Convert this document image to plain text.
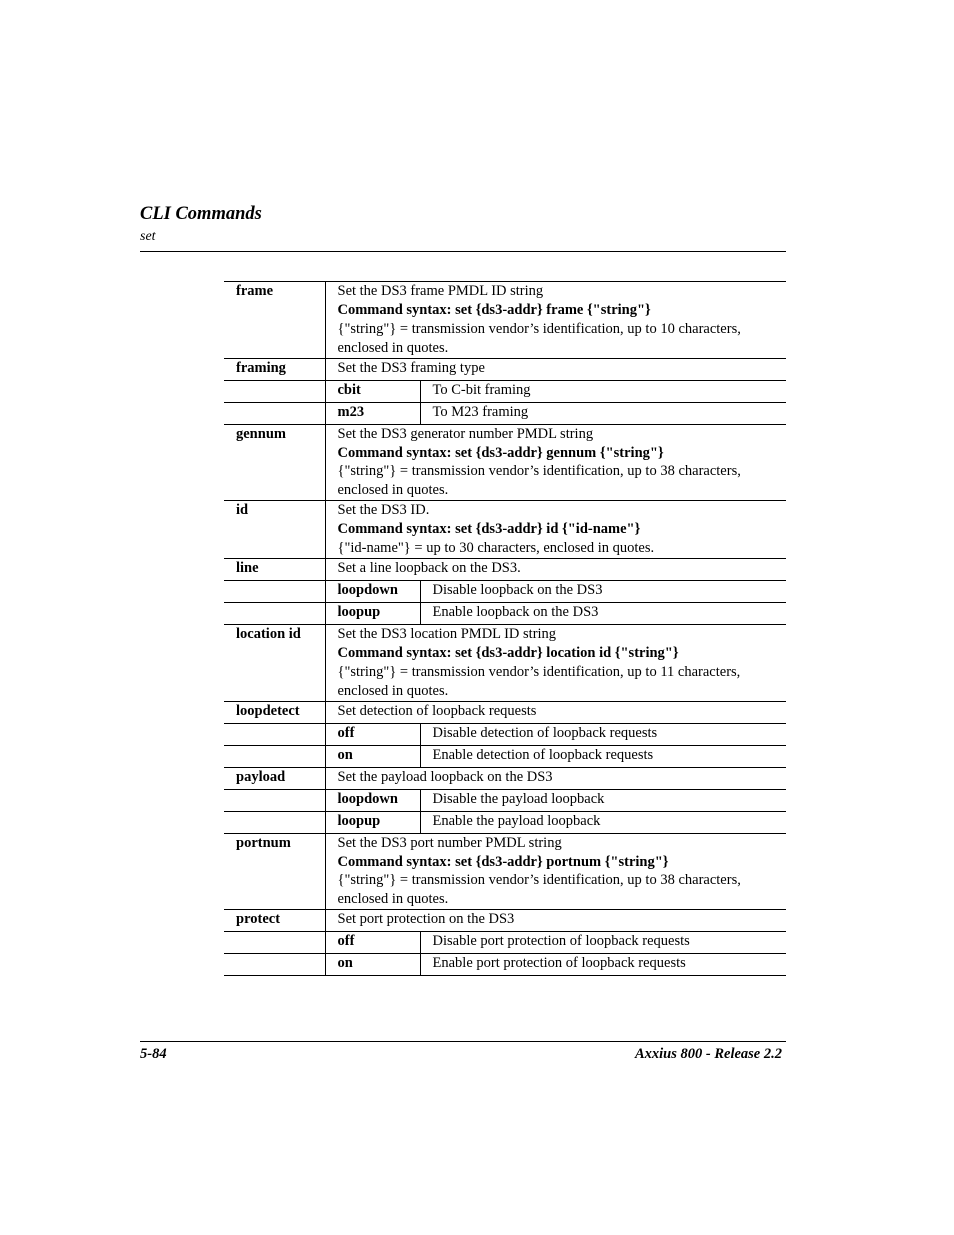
CLI Commands
set
frame	Set the DS3 frame PMDL ID string
Command syntax: set {ds3-addr} frame {"string"}
{"string"} = transmission vendor’s identification, up to 10 characters, enclosed in quotes.	

framing	Set the DS3 framing type	
	cbit	To C-bit framing
	m23	To M23 framing
gennum	Set the DS3 generator number PMDL string
Command syntax: set {ds3-addr} gennum {"string"}
{"string"} = transmission vendor’s identification, up to 38 characters, enclosed in quotes.	

id	Set the DS3 ID.
Command syntax: set {ds3-addr} id {"id-name"}
{"id-name"} = up to 30 characters, enclosed in quotes.	

line	Set a line loopback on the DS3.	
	loopdown	Disable loopback on the DS3
	loopup	Enable loopback on the DS3
location id	Set the DS3 location PMDL ID string
Command syntax: set {ds3-addr} location id {"string"}
{"string"} = transmission vendor’s identification, up to 11 characters, enclosed in quotes.	

loopdetect	Set detection of loopback requests	
	off	Disable detection of loopback requests
	on	Enable detection of loopback requests
payload	Set the payload loopback on the DS3	
	loopdown	Disable the payload loopback
	loopup	Enable the payload loopback
portnum	Set the DS3 port number PMDL string
Command syntax: set {ds3-addr} portnum {"string"}
{"string"} = transmission vendor’s identification, up to 38 characters, enclosed in quotes.	

protect	Set port protection on the DS3	
	off	Disable port protection of loopback requests
	on	Enable port protection of loopback requests
5-84	Axxius 800 - Release 2.2
